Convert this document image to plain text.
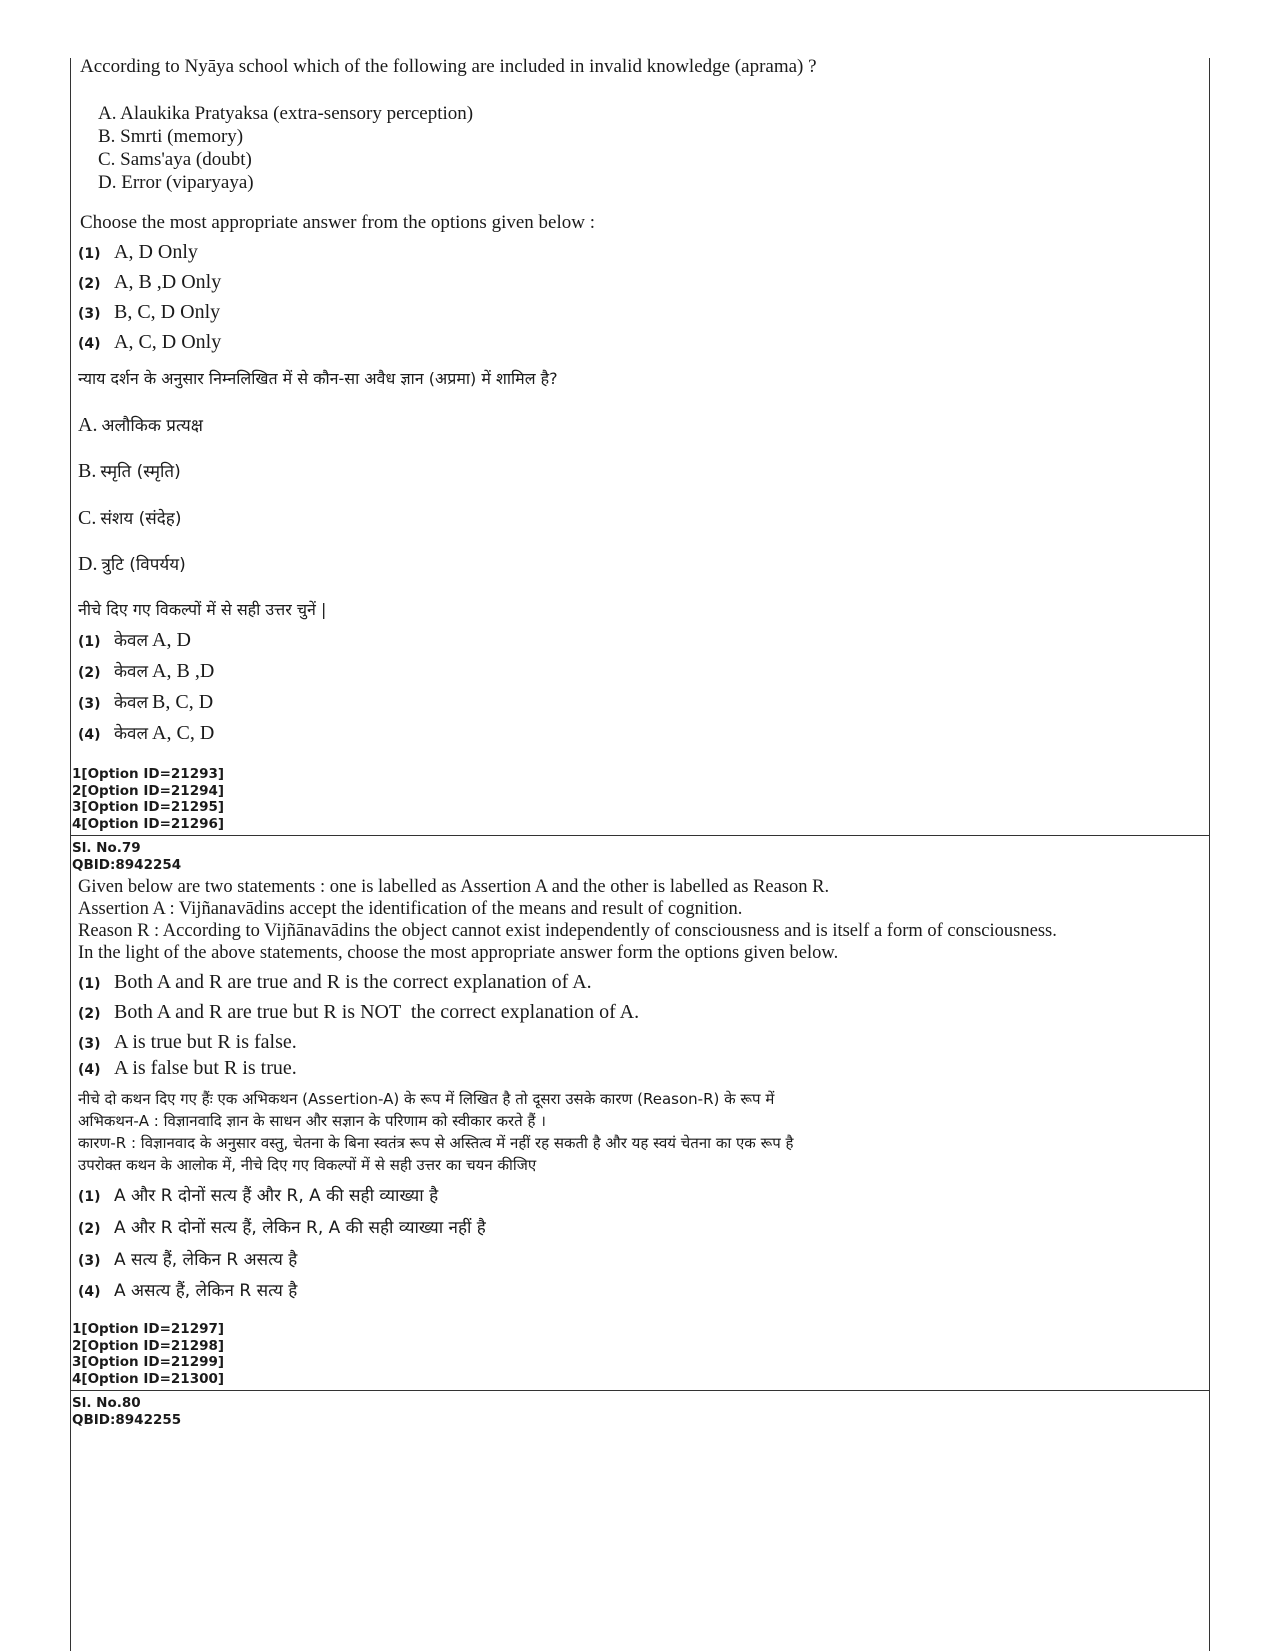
According to Nyāya school which of the following are included in invalid knowledge (aprama) ?
A. Alaukika Pratyaksa (extra-sensory perception)
B. Smrti (memory)
C. Sams'aya (doubt)
D. Error (viparyaya)
Choose the most appropriate answer from the options given below :
(1) A, D Only
(2) A, B ,D Only
(3) B, C, D Only
(4) A, C, D Only
न्याय दर्शन के अनुसार निम्नलिखित में से कौन-सा अवैध ज्ञान (अप्रमा) में शामिल है?
A. अलौकिक प्रत्यक्ष
B. स्मृति (स्मृति)
C. संशय (संदेह)
D. त्रुटि (विपर्यय)
नीचे दिए गए विकल्पों में से सही उत्तर चुनें |
(1) केवल A, D
(2) केवल A, B ,D
(3) केवल B, C, D
(4) केवल A, C, D
1[Option ID=21293]
2[Option ID=21294]
3[Option ID=21295]
4[Option ID=21296]
Sl. No.79
QBID:8942254
Given below are two statements : one is labelled as Assertion A and the other is labelled as Reason R.
Assertion A : Vijñanavādins accept the identification of the means and result of cognition.
Reason R : According to Vijñānavādins the object cannot exist independently of consciousness and is itself a form of consciousness.
In the light of the above statements, choose the most appropriate answer form the options given below.
(1) Both A and R are true and R is the correct explanation of A.
(2) Both A and R are true but R is NOT  the correct explanation of A.
(3) A is true but R is false.
(4) A is false but R is true.
नीचे दो कथन दिए गए हैंः एक अभिकथन (Assertion-A) के रूप में लिखित है तो दूसरा उसके कारण (Reason-R) के रूप में
अभिकथन-A : विज्ञानवादि ज्ञान के साधन और सज्ञान के परिणाम को स्वीकार करते हैं ।
कारण-R : विज्ञानवाद के अनुसार वस्तु, चेतना के बिना स्वतंत्र रूप से अस्तित्व में नहीं रह सकती है और यह स्वयं चेतना का एक रूप है
उपरोक्त कथन के आलोक में, नीचे दिए गए विकल्पों में से सही उत्तर का चयन कीजिए
(1) A और R दोनों सत्य हैं और R, A की सही व्याख्या है
(2) A और R दोनों सत्य हैं, लेकिन R, A की सही व्याख्या नहीं है
(3) A सत्य हैं, लेकिन R असत्य है
(4) A असत्य हैं, लेकिन R सत्य है
1[Option ID=21297]
2[Option ID=21298]
3[Option ID=21299]
4[Option ID=21300]
Sl. No.80
QBID:8942255
